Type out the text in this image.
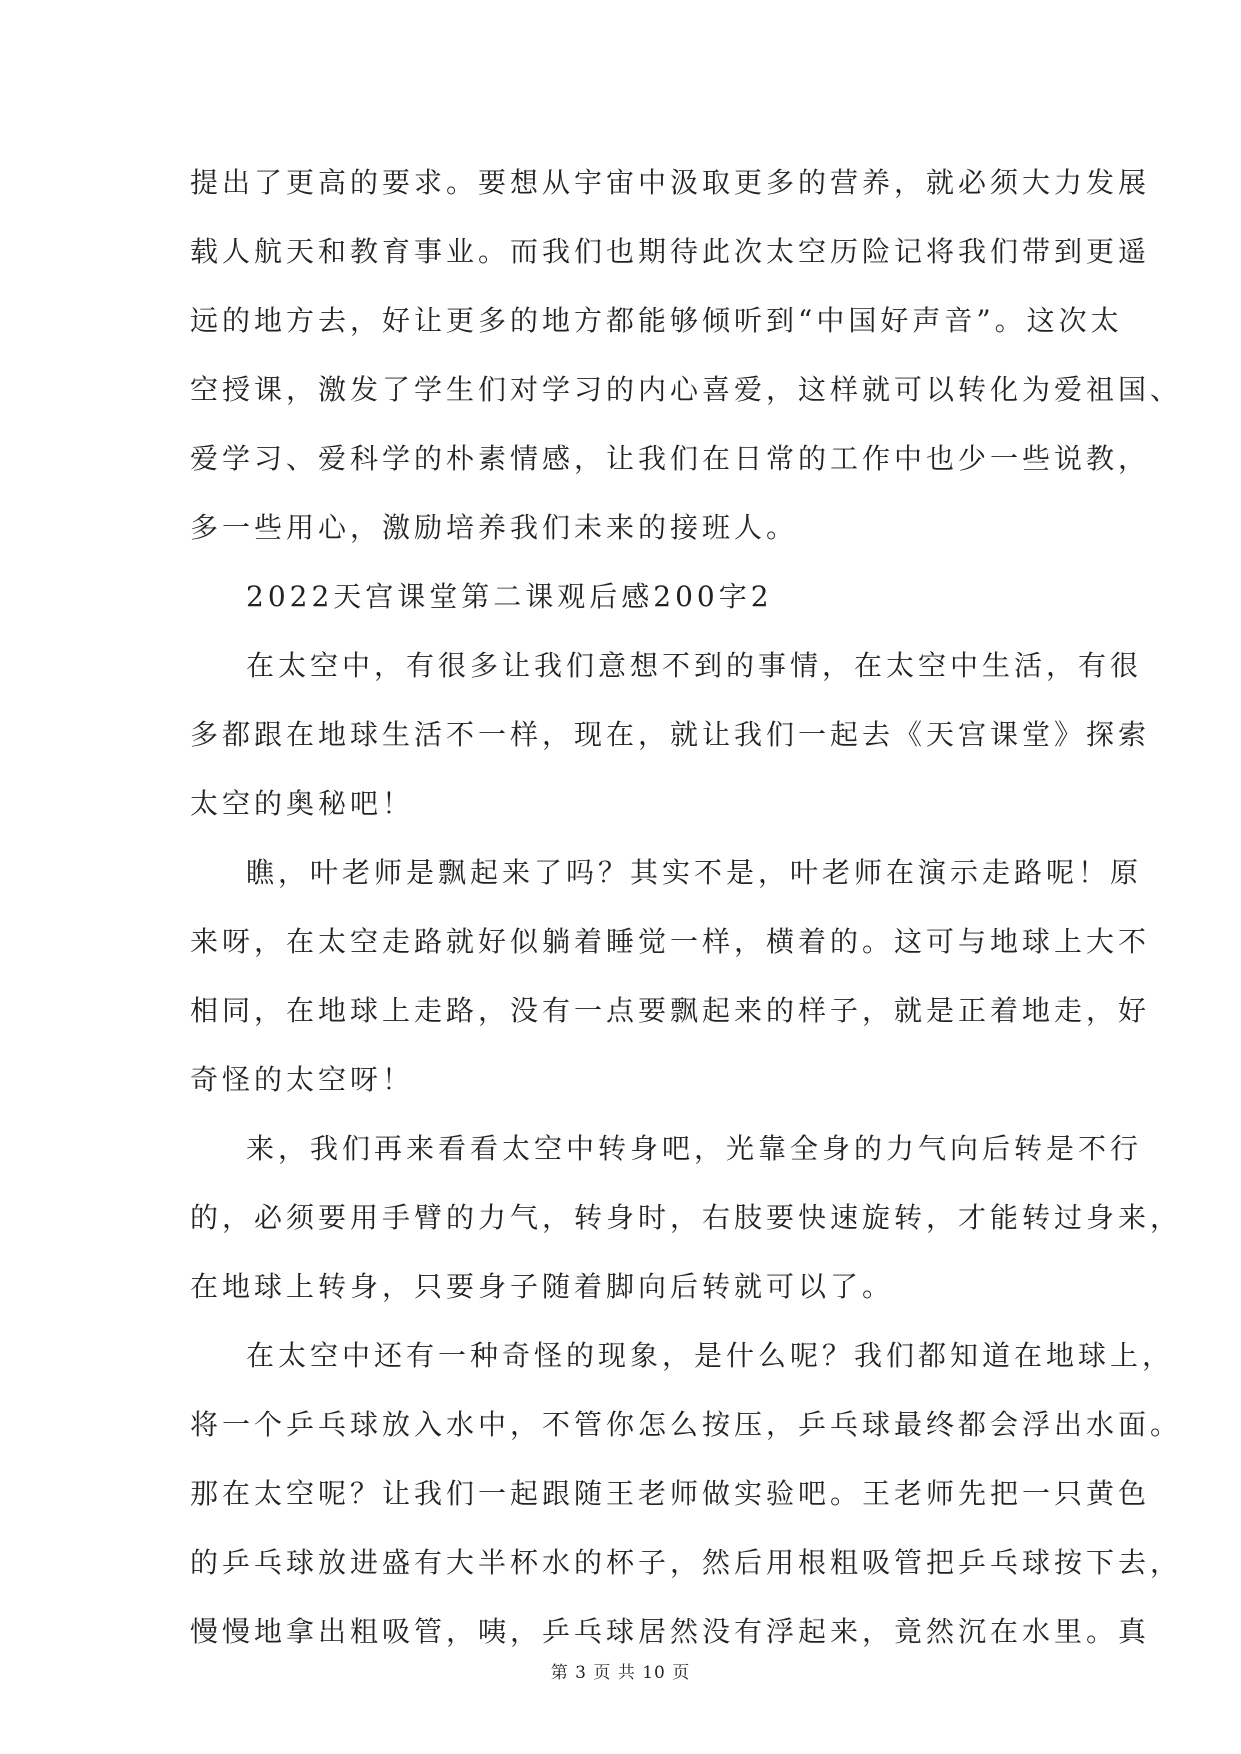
提出了更高的要求。要想从宇宙中汲取更多的营养，就必须大力发展
载人航天和教育事业。而我们也期待此次太空历险记将我们带到更遥
远的地方去，好让更多的地方都能够倾听到“中国好声音”。这次太
空授课，激发了学生们对学习的内心喜爱，这样就可以转化为爱祖国、
爱学习、爱科学的朴素情感，让我们在日常的工作中也少一些说教，
多一些用心，激励培养我们未来的接班人。
2022天宫课堂第二课观后感200字2
在太空中，有很多让我们意想不到的事情，在太空中生活，有很
多都跟在地球生活不一样，现在，就让我们一起去《天宫课堂》探索
太空的奥秘吧！
瞧，叶老师是飘起来了吗？其实不是，叶老师在演示走路呢！原
来呀，在太空走路就好似躺着睡觉一样，横着的。这可与地球上大不
相同，在地球上走路，没有一点要飘起来的样子，就是正着地走，好
奇怪的太空呀！
来，我们再来看看太空中转身吧，光靠全身的力气向后转是不行
的，必须要用手臂的力气，转身时，右肢要快速旋转，才能转过身来，
在地球上转身，只要身子随着脚向后转就可以了。
在太空中还有一种奇怪的现象，是什么呢？我们都知道在地球上，
将一个乒乓球放入水中，不管你怎么按压，乒乓球最终都会浮出水面。
那在太空呢？让我们一起跟随王老师做实验吧。王老师先把一只黄色
的乒乓球放进盛有大半杯水的杯子，然后用根粗吸管把乒乓球按下去，
慢慢地拿出粗吸管，咦，乒乓球居然没有浮起来，竟然沉在水里。真
第 3 页 共 10 页
